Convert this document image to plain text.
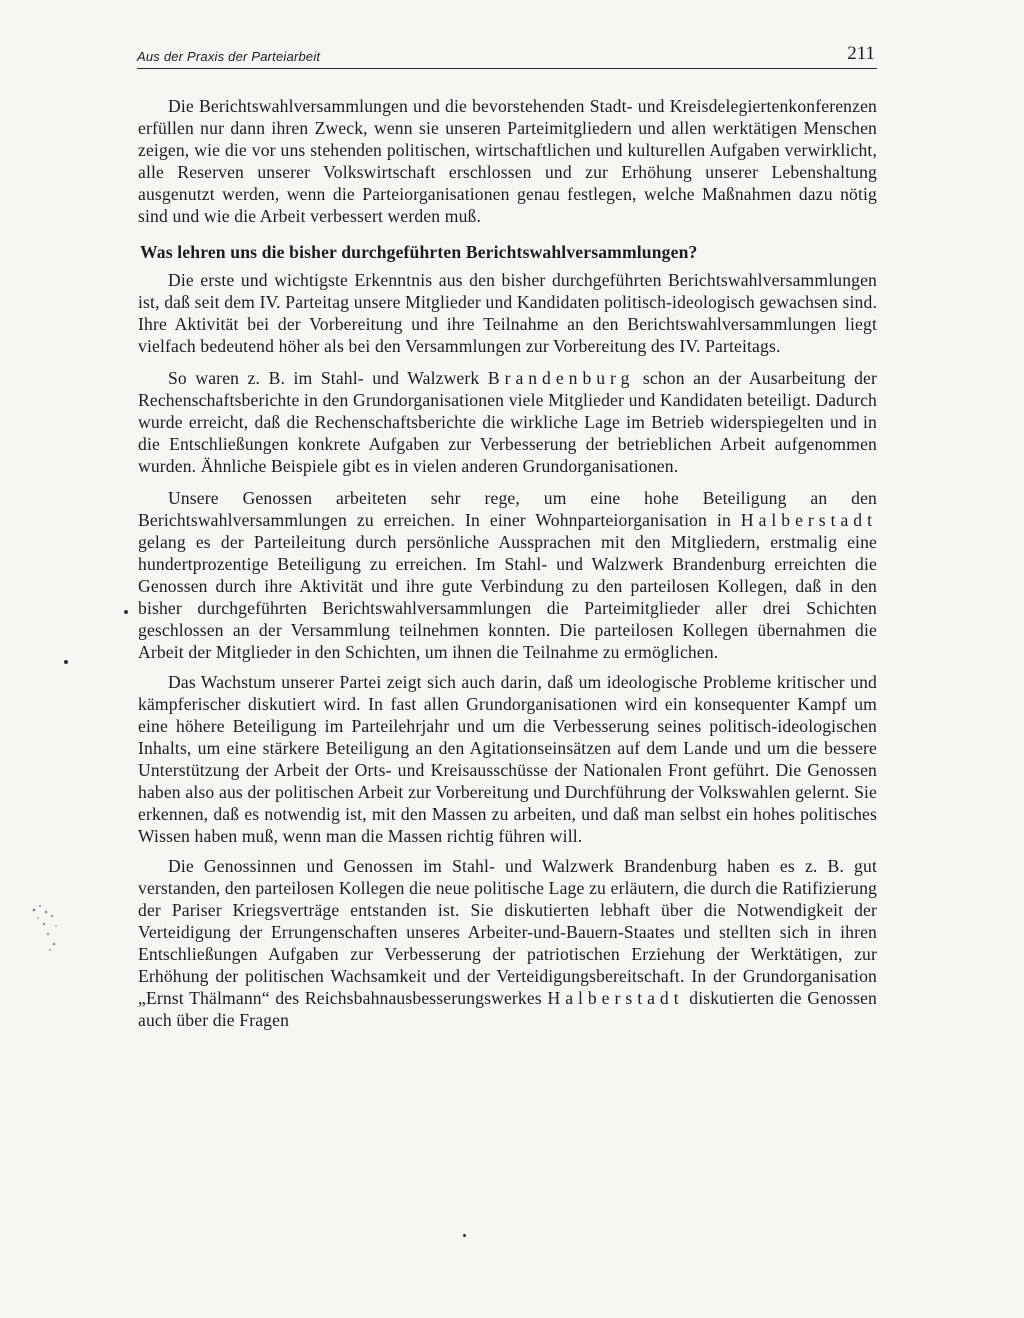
Aus der Praxis der Parteiarbeit	211

Die Berichtswahlversammlungen und die bevorstehenden Stadt- und Kreisdelegiertenkonferenzen erfüllen nur dann ihren Zweck, wenn sie unseren Parteimitgliedern und allen werktätigen Menschen zeigen, wie die vor uns stehenden politischen, wirtschaftlichen und kulturellen Aufgaben verwirklicht, alle Reserven unserer Volkswirtschaft erschlossen und zur Erhöhung unserer Lebenshaltung ausgenutzt werden, wenn die Parteiorganisationen genau festlegen, welche Maßnahmen dazu nötig sind und wie die Arbeit verbessert werden muß.

Was lehren uns die bisher durchgeführten Berichtswahlversammlungen?

Die erste und wichtigste Erkenntnis aus den bisher durchgeführten Berichtswahlversammlungen ist, daß seit dem IV. Parteitag unsere Mitglieder und Kandidaten politisch-ideologisch gewachsen sind. Ihre Aktivität bei der Vorbereitung und ihre Teilnahme an den Berichtswahlversammlungen liegt vielfach bedeutend höher als bei den Versammlungen zur Vorbereitung des IV. Parteitags.

So waren z. B. im Stahl- und Walzwerk Brandenburg schon an der Ausarbeitung der Rechenschaftsberichte in den Grundorganisationen viele Mitglieder und Kandidaten beteiligt. Dadurch wurde erreicht, daß die Rechenschaftsberichte die wirkliche Lage im Betrieb widerspiegelten und in die Entschließungen konkrete Aufgaben zur Verbesserung der betrieblichen Arbeit aufgenommen wurden. Ähnliche Beispiele gibt es in vielen anderen Grundorganisationen.

Unsere Genossen arbeiteten sehr rege, um eine hohe Beteiligung an den Berichtswahlversammlungen zu erreichen. In einer Wohnparteiorganisation in Halberstadt gelang es der Parteileitung durch persönliche Aussprachen mit den Mitgliedern, erstmalig eine hundertprozentige Beteiligung zu erreichen. Im Stahl- und Walzwerk Brandenburg erreichten die Genossen durch ihre Aktivität und ihre gute Verbindung zu den parteilosen Kollegen, daß in den bisher durchgeführten Berichtswahlversammlungen die Parteimitglieder aller drei Schichten geschlossen an der Versammlung teilnehmen konnten. Die parteilosen Kollegen übernahmen die Arbeit der Mitglieder in den Schichten, um ihnen die Teilnahme zu ermöglichen.

Das Wachstum unserer Partei zeigt sich auch darin, daß um ideologische Probleme kritischer und kämpferischer diskutiert wird. In fast allen Grundorganisationen wird ein konsequenter Kampf um eine höhere Beteiligung im Parteilehrjahr und um die Verbesserung seines politisch-ideologischen Inhalts, um eine stärkere Beteiligung an den Agitationseinsätzen auf dem Lande und um die bessere Unterstützung der Arbeit der Orts- und Kreisausschüsse der Nationalen Front geführt. Die Genossen haben also aus der politischen Arbeit zur Vorbereitung und Durchführung der Volkswahlen gelernt. Sie erkennen, daß es notwendig ist, mit den Massen zu arbeiten, und daß man selbst ein hohes politisches Wissen haben muß, wenn man die Massen richtig führen will.

Die Genossinnen und Genossen im Stahl- und Walzwerk Brandenburg haben es z. B. gut verstanden, den parteilosen Kollegen die neue politische Lage zu erläutern, die durch die Ratifizierung der Pariser Kriegsverträge entstanden ist. Sie diskutierten lebhaft über die Notwendigkeit der Verteidigung der Errungenschaften unseres Arbeiter-und-Bauern-Staates und stellten sich in ihren Entschließungen Aufgaben zur Verbesserung der patriotischen Erziehung der Werktätigen, zur Erhöhung der politischen Wachsamkeit und der Verteidigungsbereitschaft. In der Grundorganisation „Ernst Thälmann“ des Reichsbahnausbesserungswerkes Halberstadt diskutierten die Genossen auch über die Fragen
